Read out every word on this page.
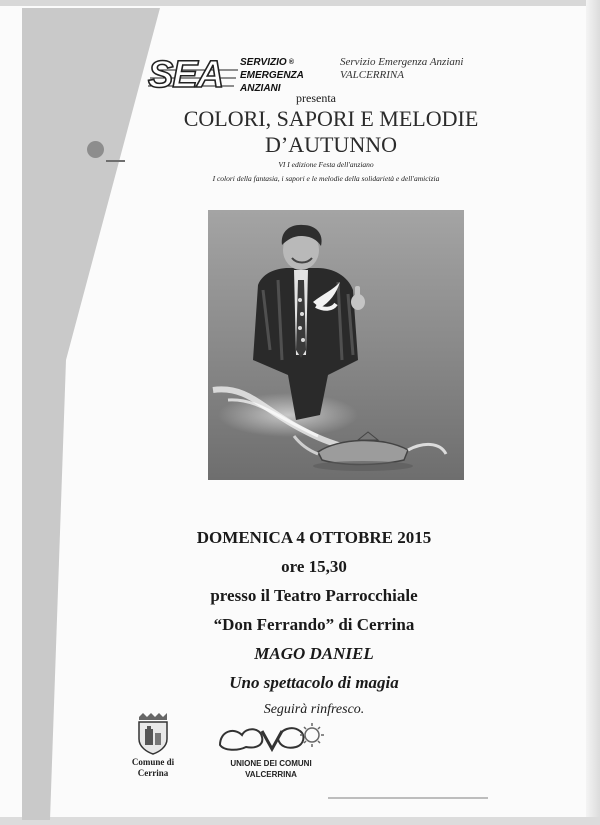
SEA SERVIZIO ®
EMERGENZA
ANZIANI
Servizio Emergenza Anziani
VALCERRINA
presenta
COLORI, SAPORI E MELODIE
D’AUTUNNO
VI I edizione Festa dell'anziano
I colori della fantasia, i sapori e le melodie della solidarietà e dell'amicizia
DOMENICA 4 OTTOBRE 2015
ore 15,30
presso il Teatro Parrocchiale
“Don Ferrando” di Cerrina
MAGO DANIEL
Uno spettacolo di magia
Seguirà rinfresco.
Comune di
Cerrina
UNIONE DEI COMUNI
VALCERRINA
